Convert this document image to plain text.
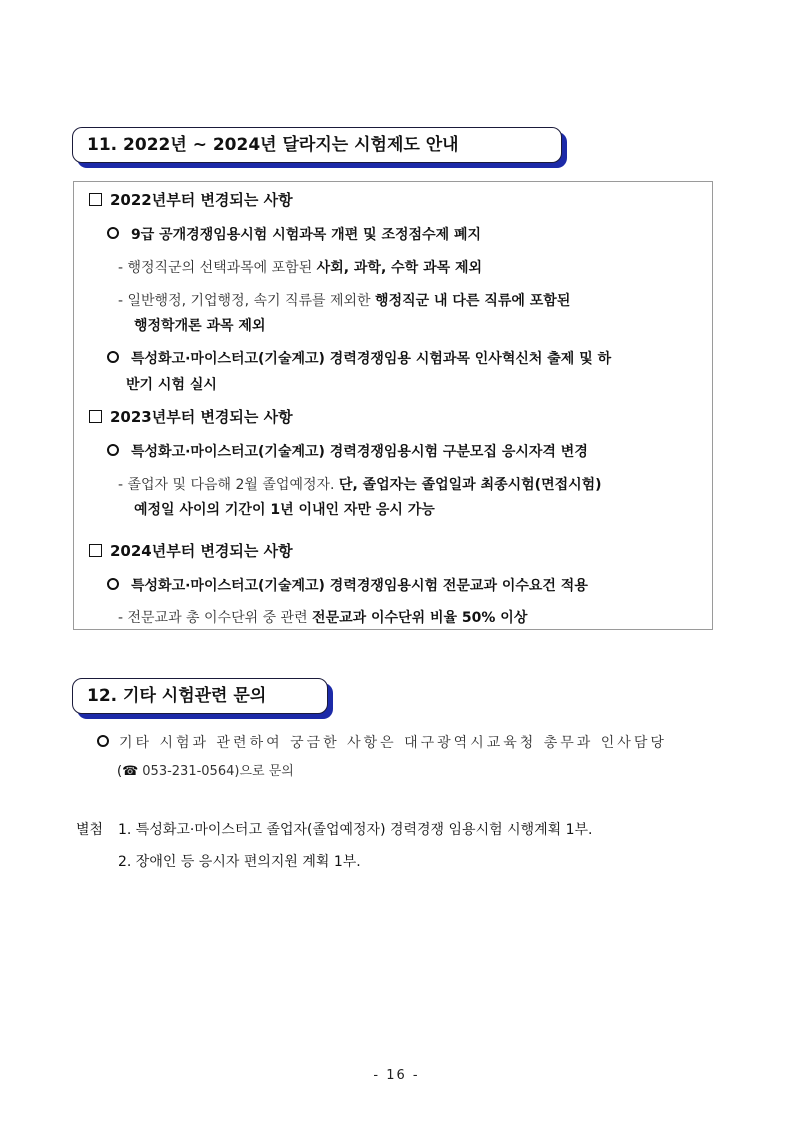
11. 2022년 ~ 2024년 달라지는 시험제도 안내
2022년부터 변경되는 사항
9급 공개경쟁임용시험 시험과목 개편 및 조정점수제 폐지
- 행정직군의 선택과목에 포함된 사회, 과학, 수학 과목 제외
- 일반행정, 기업행정, 속기 직류를 제외한 행정직군 내 다른 직류에 포함된
행정학개론 과목 제외
특성화고·마이스터고(기술계고) 경력경쟁임용 시험과목 인사혁신처 출제 및 하
반기 시험 실시
2023년부터 변경되는 사항
특성화고·마이스터고(기술계고) 경력경쟁임용시험 구분모집 응시자격 변경
- 졸업자 및 다음해 2월 졸업예정자. 단, 졸업자는 졸업일과 최종시험(면접시험)
예정일 사이의 기간이 1년 이내인 자만 응시 가능
2024년부터 변경되는 사항
특성화고·마이스터고(기술계고) 경력경쟁임용시험 전문교과 이수요건 적용
- 전문교과 총 이수단위 중 관련 전문교과 이수단위 비율 50% 이상
12. 기타 시험관련 문의
기타 시험과 관련하여 궁금한 사항은 대구광역시교육청 총무과 인사담당
(☎ 053-231-0564)으로 문의
별첨 1. 특성화고·마이스터고 졸업자(졸업예정자) 경력경쟁 임용시험 시행계획 1부.
2. 장애인 등 응시자 편의지원 계획 1부.
- 16 -
